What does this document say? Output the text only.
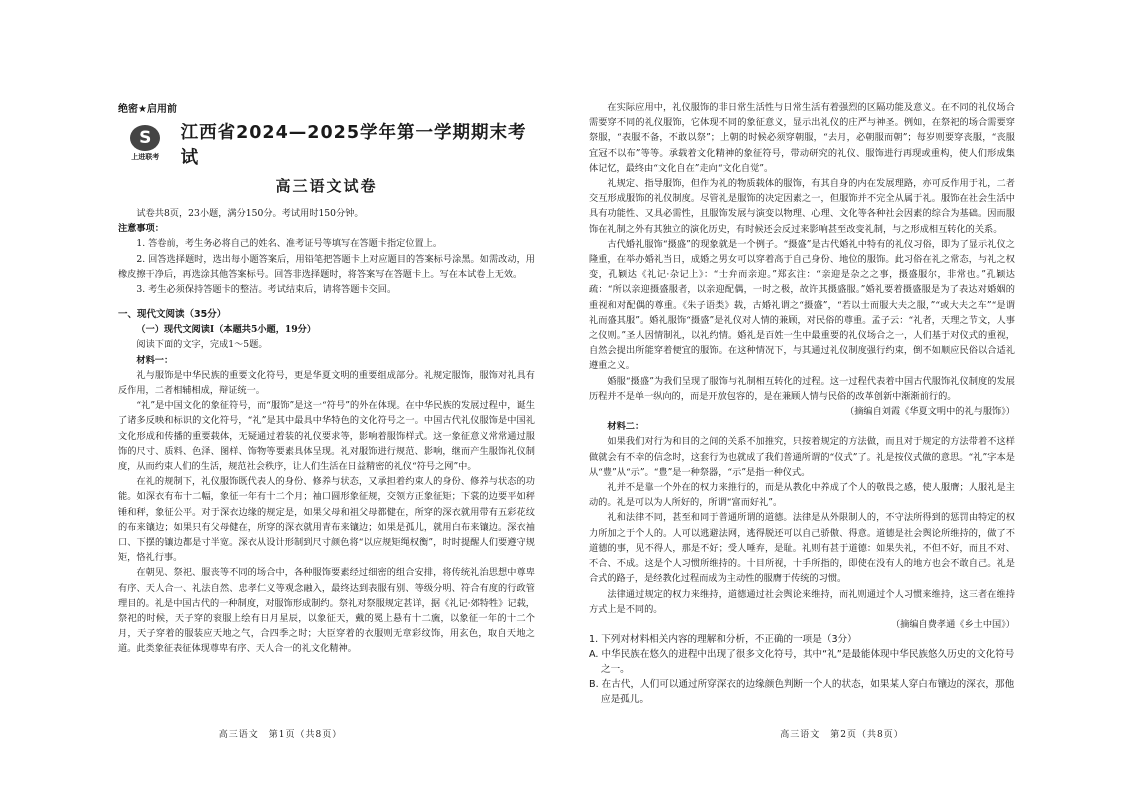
绝密★启用前

S
上进联考
江西省2024—2025学年第一学期期末考试
高三语文试卷

试卷共8页，23小题，满分150分。考试用时150分钟。

注意事项：

1. 答卷前，考生务必将自己的姓名、准考证号等填写在答题卡指定位置上。

2. 回答选择题时，选出每小题答案后，用铅笔把答题卡上对应题目的答案标号涂黑。如需改动，用橡皮擦干净后，再选涂其他答案标号。回答非选择题时，将答案写在答题卡上。写在本试卷上无效。

3. 考生必须保持答题卡的整洁。考试结束后，请将答题卡交回。

一、现代文阅读（35分）

（一）现代文阅读Ⅰ（本题共5小题，19分）

阅读下面的文字，完成1～5题。

材料一：

礼与服饰是中华民族的重要文化符号，更是华夏文明的重要组成部分。礼规定服饰，服饰对礼具有反作用，二者相辅相成，辩证统一。

“礼”是中国文化的象征符号，而“服饰”是这一“符号”的外在体现。在中华民族的发展过程中，诞生了诸多反映和标识的文化符号，“礼”是其中最具中华特色的文化符号之一。中国古代礼仪服饰是中国礼文化形成和传播的重要载体，无疑通过着装的礼仪要求等，影响着服饰样式。这一象征意义常常通过服饰的尺寸、质料、色泽、图样、饰物等要素具体呈现。礼对服饰进行规范、影响，继而产生服饰礼仪制度，从而约束人们的生活，规范社会秩序，让人们生活在日益精密的礼仪“符号之网”中。

在礼的规制下，礼仪服饰既代表人的身份、修养与状态，又承担着约束人的身份、修养与状态的功能。如深衣有布十二幅，象征一年有十二个月；袖口圆形象征规，交领方正象征矩；下裳的边要平如秤锤和秤，象征公平。对于深衣边缘的规定是，如果父母和祖父母都健在，所穿的深衣就用带有五彩花纹的布来镶边；如果只有父母健在，所穿的深衣就用青布来镶边；如果是孤儿，就用白布来镶边。深衣袖口、下摆的镶边都是寸半宽。深衣从设计形制到尺寸颜色将“以应规矩绳权衡”，时时提醒人们要遵守规矩，恪礼行事。

在朝见、祭祀、服丧等不同的场合中，各种服饰要素经过细密的组合安排，将传统礼治思想中尊卑有序、天人合一、礼法自然、忠孝仁义等观念融入，最终达到表服有别、等级分明、符合有度的行政管理目的。礼是中国古代的一种制度，对服饰形成制约。祭礼对祭服规定甚详，据《礼记·郊特牲》记载，祭祀的时候，天子穿的衮服上绘有日月星辰，以象征天，戴的冕上悬有十二旒，以象征一年的十二个月，天子穿着的服装应天地之气，合四季之时；大臣穿着的衣服则无章彩纹饰，用玄色，取自天地之道。此类象征表征体现尊卑有序、天人合一的礼文化精神。

高三语文　第1页（共8页）

在实际应用中，礼仪服饰的非日常生活性与日常生活有着强烈的区隔功能及意义。在不同的礼仪场合需要穿不同的礼仪服饰，它体现不同的象征意义，显示出礼仪的庄严与神圣。例如，在祭祀的场合需要穿祭服，“表服不备，不敢以祭”；上朝的时候必须穿朝服，“去月，必朝服而朝”；每岁则要穿丧服，“丧服宜冠不以布”等等。承载着文化精神的象征符号，带动研究的礼仪、服饰进行再现或重构，使人们形成集体记忆，最终由“文化自在”走向“文化自觉”。

礼规定、指导服饰，但作为礼的物质载体的服饰，有其自身的内在发展理路，亦可反作用于礼，二者交互形成服饰的礼仪制度。尽管礼是服饰的决定因素之一，但服饰并不完全从属于礼。服饰在社会生活中具有功能性、又具必需性，且服饰发展与演变以物理、心理、文化等各种社会因素的综合为基础。因而服饰在礼制之外有其独立的演化历史，有时候还会反过来影响甚至改变礼制，与之形成相互转化的关系。

古代婚礼服饰“摄盛”的现象就是一个例子。“摄盛”是古代婚礼中特有的礼仪习俗，即为了显示礼仪之隆重，在举办婚礼当日，成婚之男女可以穿着高于自己身份、地位的服饰。此习俗在礼之常态，与礼之权变，孔颖达《礼记·杂记上》：“士弁而亲迎。”郑玄注：“亲迎是杂之之事，摄盛服尔，非常也。”孔颖达疏：“所以亲迎摄盛服者，以亲迎配偶，一时之极，故许其摄盛服。”婚礼要着摄盛服是为了表达对婚姻的重视和对配偶的尊重。《朱子语类》载，古婚礼谓之“摄盛”，“若以士而服大夫之服，”“或大夫之车”“是谓礼而盛其服”。婚礼服饰“摄盛”是礼仪对人情的兼顾，对民俗的尊重。孟子云：“礼者，天理之节文，人事之仪则。”圣人因情制礼，以礼约情。婚礼是百姓一生中最重要的礼仪场合之一，人们基于对仪式的重视，自然会提出所能穿着便宜的服饰。在这种情况下，与其通过礼仪制度强行约束，倒不如顺应民俗以合适礼遵重之义。

婚服“摄盛”为我们呈现了服饰与礼制相互转化的过程。这一过程代表着中国古代服饰礼仪制度的发展历程并不是单一纵向的，而是开放包容的，是在兼顾人情与民俗的改革创新中渐渐前行的。

（摘编自刘霞《华夏文明中的礼与服饰》）

材料二：

如果我们对行为和目的之间的关系不加推究，只按着规定的方法做，而且对于规定的方法带着不这样做就会有不幸的信念时，这套行为也就成了我们普通所谓的“仪式”了。礼是按仪式做的意思。“礼”字本是从“豊”从“示”。“豊”是一种祭器，“示”是指一种仪式。

礼并不是靠一个外在的权力来推行的，而是从教化中养成了个人的敬畏之感，使人服膺；人服礼是主动的。礼是可以为人所好的，所谓“富而好礼”。

礼和法律不同，甚至和同于普通所谓的道德。法律是从外限制人的，不守法所得到的惩罚由特定的权力所加之于个人的。人可以逃避法网，逃得脱还可以自己骄傲、得意。道德是社会舆论所维持的，做了不道德的事，见不得人，那是不好；受人唾弃，是耻。礼则有甚于道德：如果失礼，不但不好，而且不对、不合、不成。这是个人习惯所维持的。十目所视，十手所指的，即使在没有人的地方也会不敢自己。礼是合式的路子，是经教化过程而成为主动性的服膺于传统的习惯。

法律通过规定的权力来维持，道德通过社会舆论来维持，而礼则通过个人习惯来维持，这三者在维持方式上是不同的。

（摘编自费孝通《乡土中国》）

1. 下列对材料相关内容的理解和分析，不正确的一项是（3分）

A. 中华民族在悠久的进程中出现了很多文化符号，其中“礼”是最能体现中华民族悠久历史的文化符号之一。

B. 在古代，人们可以通过所穿深衣的边缘颜色判断一个人的状态，如果某人穿白布镶边的深衣，那他应是孤儿。

高三语文　第2页（共8页）
